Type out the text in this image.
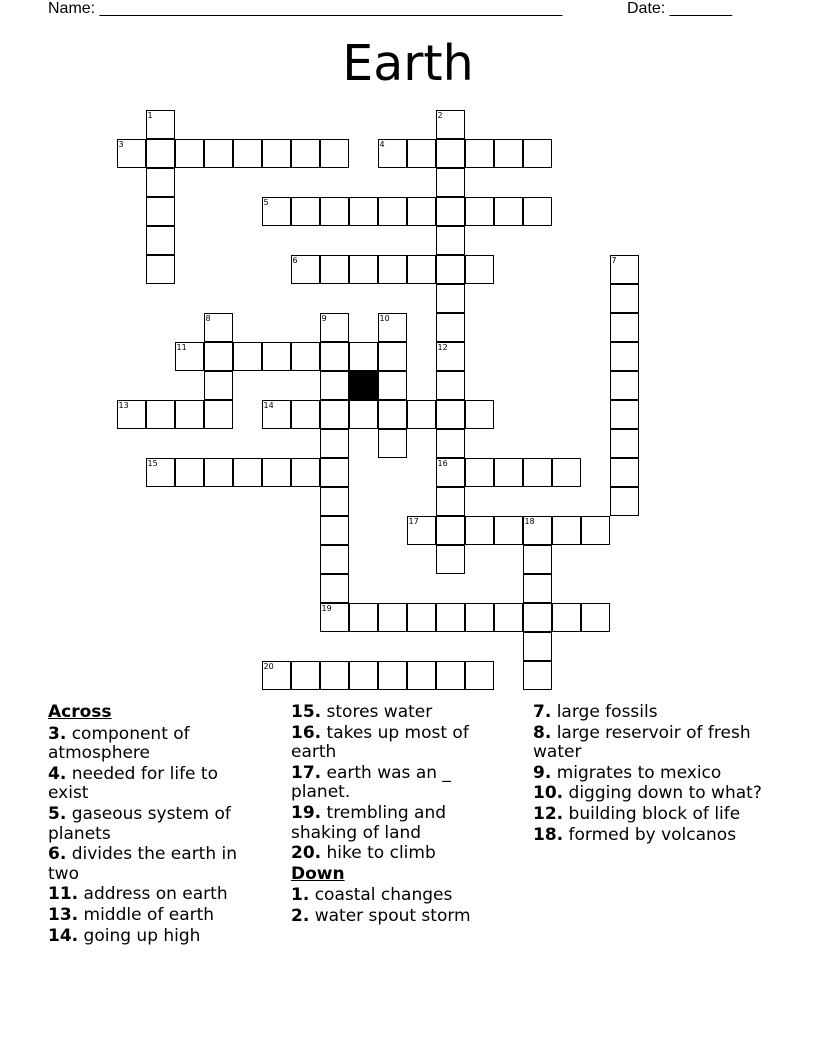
Name: ____________________________________________________	Date: _______
Earth
3	4
5
6
11
13	14
15	16
17	18
19
20
1	2
7
8	9	10
12
Across
3. component of atmosphere
4. needed for life to exist
5. gaseous system of planets
6. divides the earth in two
11. address on earth
13. middle of earth
14. going up high
15. stores water
16. takes up most of earth
17. earth was an _ planet.
19. trembling and shaking of land
20. hike to climb
Down
1. coastal changes
2. water spout storm
7. large fossils
8. large reservoir of fresh water
9. migrates to mexico
10. digging down to what?
12. building block of life
18. formed by volcanos
